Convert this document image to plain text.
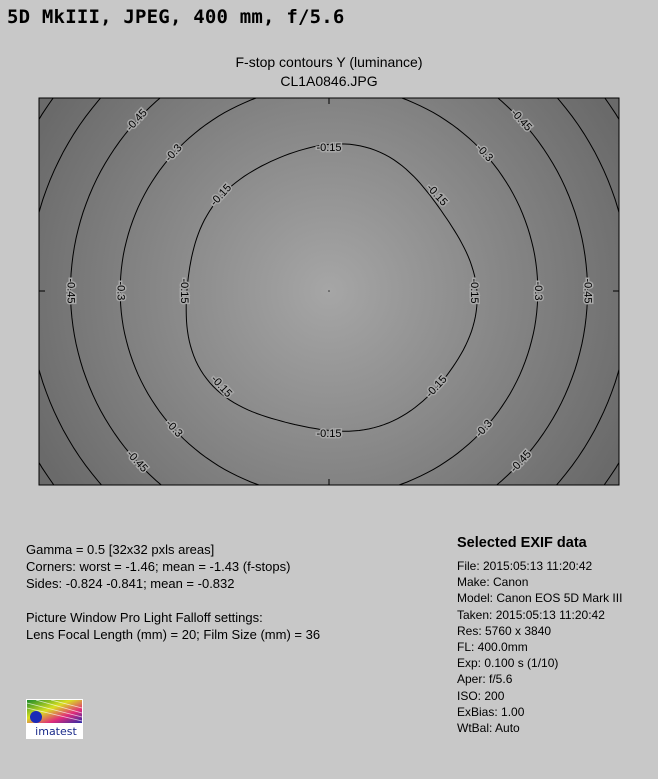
5D MkIII, JPEG, 400 mm, f/5.6
F-stop contours Y (luminance)
CL1A0846.JPG
-0.15
-0.15
-0.15
-0.15
-0.15	-0.15
-0.15
-0.15
-0.3
-0.3
-0.3
-0.3
-0.3	-0.3
-0.45
-0.45
-0.45
-0.45
-0.45	-0.45
Gamma = 0.5 [32x32 pxls areas]
Corners: worst = -1.46; mean = -1.43 (f-stops)
Sides: -0.824 -0.841; mean = -0.832
Picture Window Pro Light Falloff settings:
Lens Focal Length (mm) = 20; Film Size (mm) = 36
Selected EXIF data
File: 2015:05:13 11:20:42
Make: Canon
Model: Canon EOS 5D Mark III
Taken: 2015:05:13 11:20:42
Res: 5760 x 3840
FL: 400.0mm
Exp: 0.100 s (1/10)
Aper: f/5.6
ISO: 200
ExBias: 1.00
WtBal: Auto
imatest
